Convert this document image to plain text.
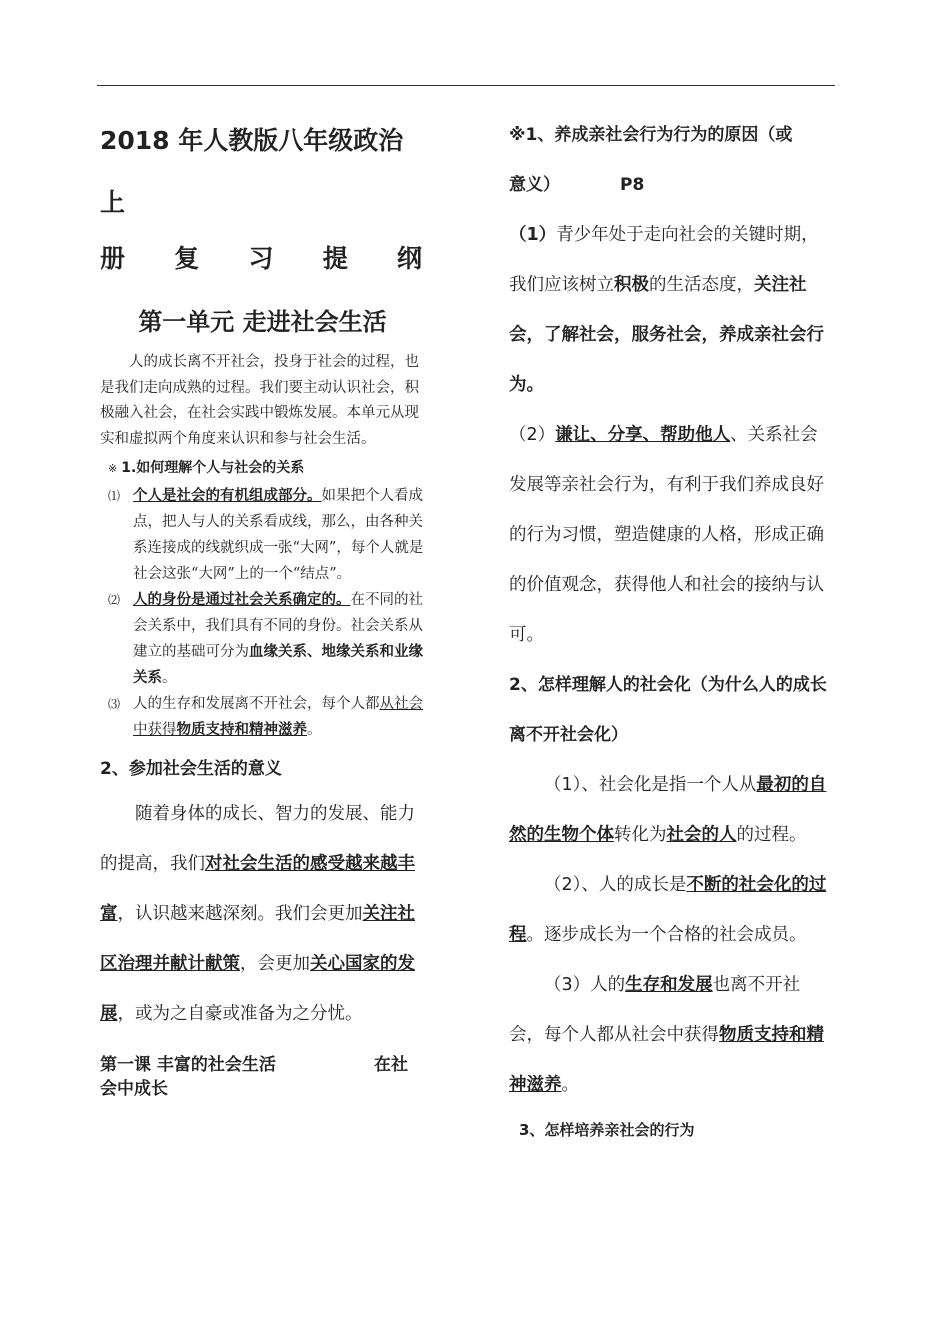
2018 年人教版八年级政治上
册 复 习 提 纲
第一单元 走进社会生活

人的成长离不开社会，投身于社会的过程，也是我们走向成熟的过程。我们要主动认识社会，积极融入社会，在社会实践中锻炼发展。本单元从现实和虚拟两个角度来认识和参与社会生活。

※ 1.如何理解个人与社会的关系
⑴ 个人是社会的有机组成部分。如果把个人看成点，把人与人的关系看成线，那么，由各种关系连接成的线就织成一张“大网”，每个人就是社会这张“大网”上的一个“结点”。
⑵ 人的身份是通过社会关系确定的。在不同的社会关系中，我们具有不同的身份。社会关系从建立的基础可分为血缘关系、地缘关系和业缘关系。
⑶ 人的生存和发展离不开社会，每个人都从社会中获得物质支持和精神滋养。
2、参加社会生活的意义

随着身体的成长、智力的发展、能力的提高，我们对社会生活的感受越来越丰富，认识越来越深刻。我们会更加关注社区治理并献计献策，会更加关心国家的发展，或为之自豪或准备为之分忧。

第一课 丰富的社会生活	在社
会中成长
※1、养成亲社会行为行为的原因（或
意义）	P8

（1）青少年处于走向社会的关键时期，我们应该树立积极的生活态度，关注社会，了解社会，服务社会，养成亲社会行为。

（2）谦让、分享、帮助他人、关系社会发展等亲社会行为，有利于我们养成良好的行为习惯，塑造健康的人格，形成正确的价值观念，获得他人和社会的接纳与认可。

2、怎样理解人的社会化（为什么人的成长离不开社会化）

（1）、社会化是指一个人从最初的自然的生物个体转化为社会的人的过程。

（2）、人的成长是不断的社会化的过程。逐步成长为一个合格的社会成员。

（3）人的生存和发展也离不开社会，每个人都从社会中获得物质支持和精神滋养。

3、怎样培养亲社会的行为
